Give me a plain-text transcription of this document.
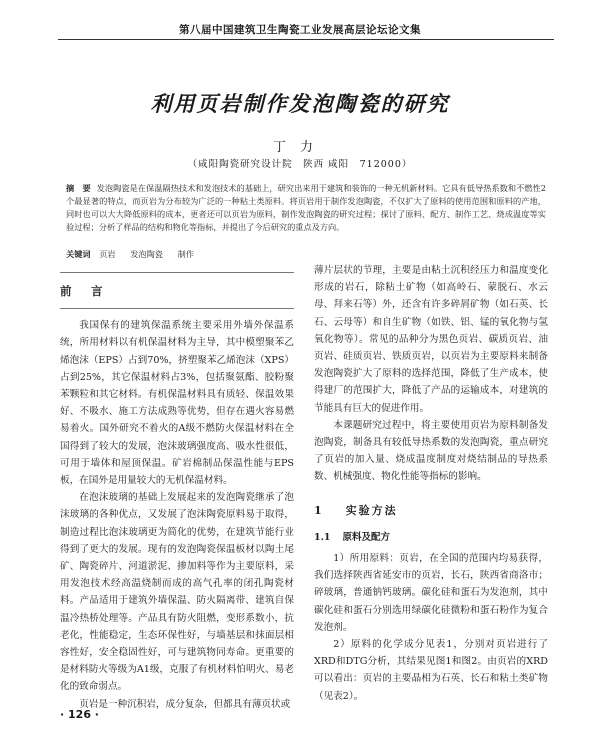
第八届中国建筑卫生陶瓷工业发展高层论坛论文集
利用页岩制作发泡陶瓷的研究
丁力
（咸阳陶瓷研究设计院　陕西 咸阳　712000）
摘　要 发泡陶瓷是在保温隔热技术和发泡技术的基础上，研究出来用于建筑和装饰的一种无机新材料。它具有低导热系数和不燃性2个最显著的特点，而页岩为分布较为广泛的一种粘土类原料。将页岩用于制作发泡陶瓷，不仅扩大了原料的使用范围和原料的产地，同时也可以大大降低原料的成本，更者还可以页岩为原料，制作发泡陶瓷的研究过程；探讨了原料、配方、制作工艺、烧成温度等实验过程；分析了样品的结构和物化等指标，并提出了今后研究的重点及方向。
关键词 页岩 发泡陶瓷 制作
前　言

我国保有的建筑保温系统主要采用外墙外保温系统，所用材料以有机保温材料为主导，其中模塑聚苯乙烯泡沫（EPS）占到70%，挤塑聚苯乙烯泡沫（XPS）占到25%，其它保温材料占3%，包括聚氨酯、胶粉聚苯颗粒和其它材料。有机保温材料具有质轻、保温效果好、不吸水、施工方法成熟等优势，但存在遇火容易燃易着火。国外研究不着火的A级不燃防火保温材料在全国得到了较大的发展，泡沫玻璃强度高、吸水性很低，可用于墙体和屋顶保温。矿岩棉制品保温性能与EPS板，在国外是用量较大的无机保温材料。

在泡沫玻璃的基础上发展起来的发泡陶瓷继承了泡沫玻璃的各种优点，又发展了泡沫陶瓷原料易于取得，制造过程比泡沫玻璃更为简化的优势，在建筑节能行业得到了更大的发展。现有的发泡陶瓷保温板材以陶土尾矿、陶瓷碎片、河道淤泥、掺加料等作为主要原料，采用发泡技术经高温烧制而成的高气孔率的闭孔陶瓷材料。产品适用于建筑外墙保温、防火隔离带、建筑自保温冷热桥处理等。产品具有防火阻燃，变形系数小，抗老化，性能稳定，生态环保性好，与墙基层和抹面层相容性好，安全稳固性好，可与建筑物同寿命。更重要的是材料防火等级为A1级，克服了有机材料怕明火、易老化的致命弱点。

页岩是一种沉积岩，成分复杂，但都具有薄页状或

薄片层状的节理，主要是由粘土沉积经压力和温度变化形成的岩石，除粘土矿物（如高岭石、蒙脱石、水云母、拜来石等）外，还含有许多碎屑矿物（如石英、长石、云母等）和自生矿物（如铁、铝、锰的氧化物与氢氧化物等）。常见的品种分为黑色页岩、碳质页岩、油页岩、硅质页岩、铁质页岩，以页岩为主要原料来制备发泡陶瓷扩大了原料的选择范围，降低了生产成本，使得建厂的范围扩大，降低了产品的运输成本，对建筑的节能具有巨大的促进作用。

本课题研究过程中，将主要使用页岩为原料制备发泡陶瓷，制备具有较低导热系数的发泡陶瓷，重点研究了页岩的加入量、烧成温度制度对烧结制品的导热系数、机械强度、物化性能等指标的影响。

1 实验方法
1.1 原料及配方

1）所用原料：页岩，在全国的范围内均易获得，我们选择陕西省延安市的页岩，长石，陕西省商洛市；碎玻璃，普通钠钙玻璃。碳化硅和蛋石为发泡剂，其中碳化硅和蛋石分别选用绿碳化硅微粉和蛋石粉作为复合发泡剂。

2）原料的化学成分见表1，分别对页岩进行了XRD和DTG分析，其结果见图1和图2。由页岩的XRD可以看出：页岩的主要晶相为石英、长石和粘土类矿物（见表2）。

· 126 ·
